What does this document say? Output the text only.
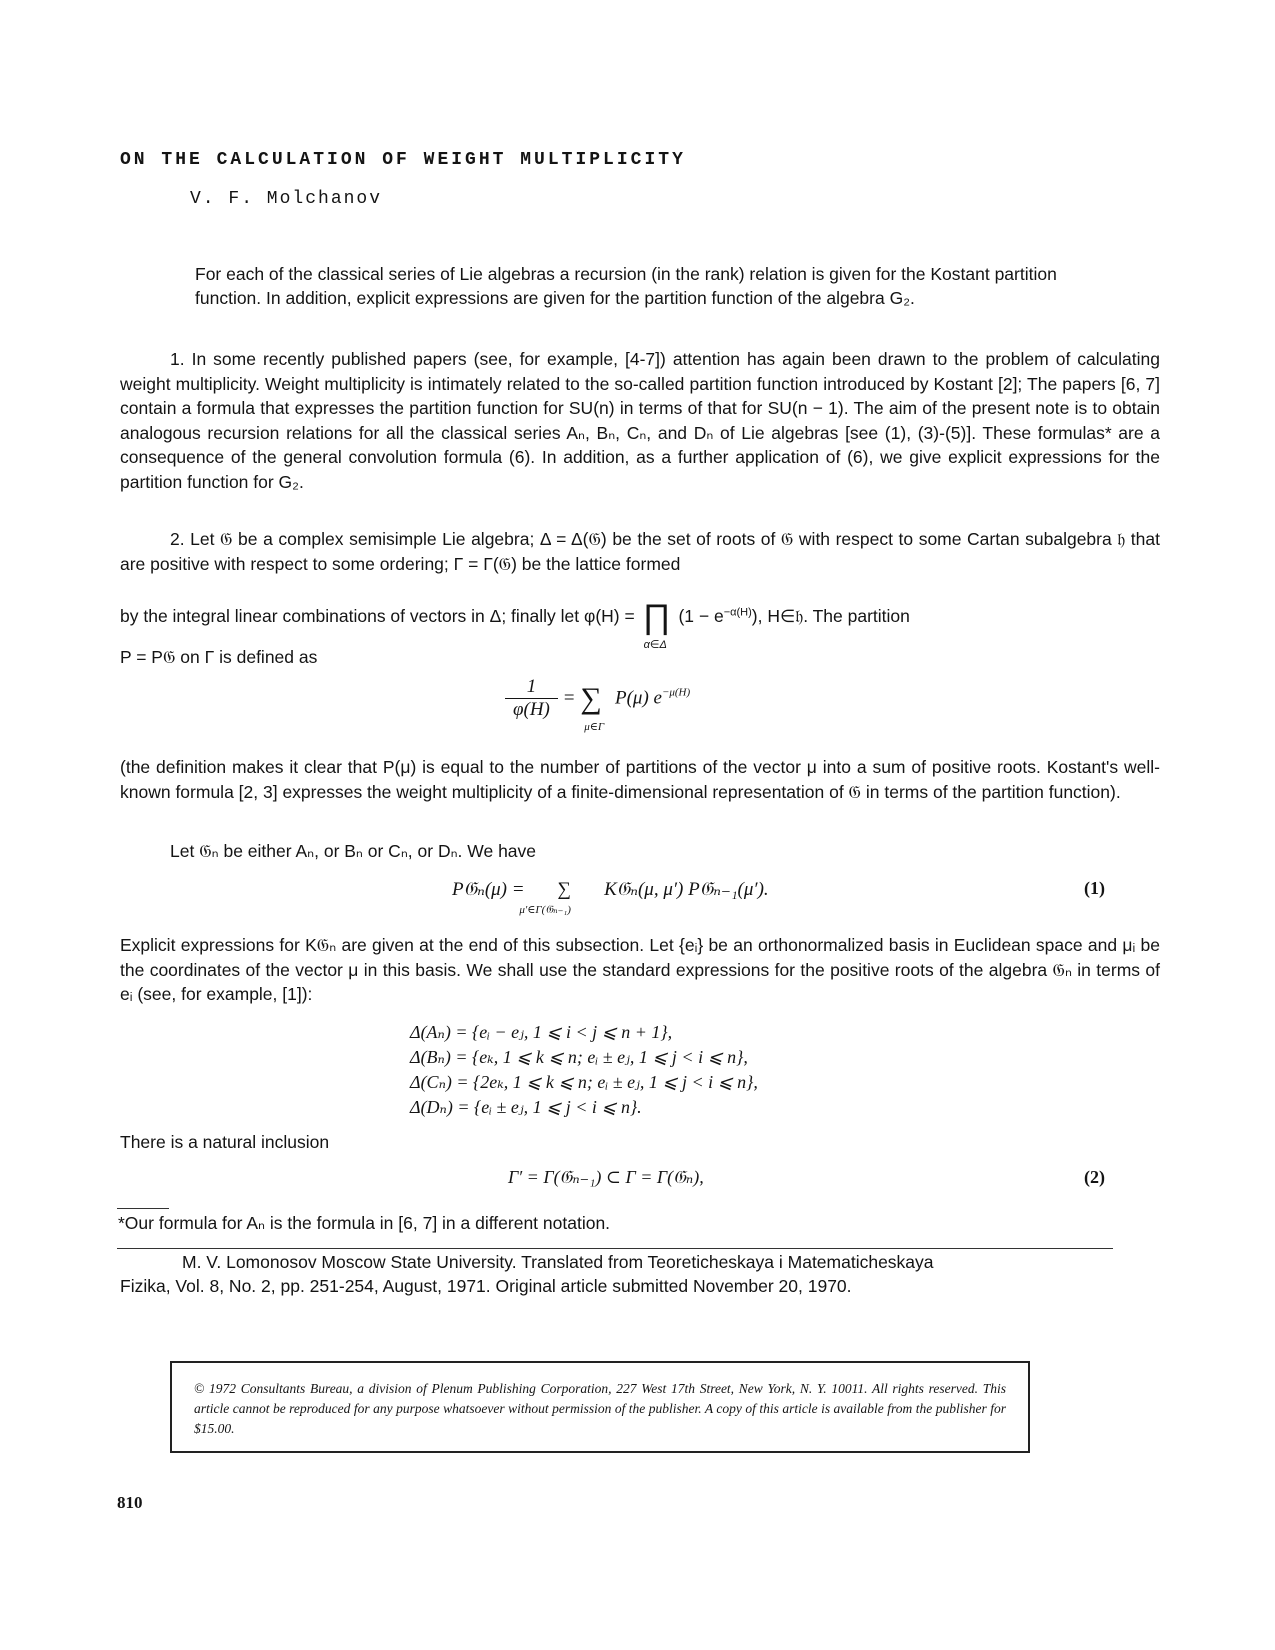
ON THE CALCULATION OF WEIGHT MULTIPLICITY
V. F. Molchanov
For each of the classical series of Lie algebras a recursion (in the rank) relation is given for the Kostant partition function. In addition, explicit expressions are given for the partition function of the algebra G₂.
1. In some recently published papers (see, for example, [4-7]) attention has again been drawn to the problem of calculating weight multiplicity. Weight multiplicity is intimately related to the so-called partition function introduced by Kostant [2]; The papers [6, 7] contain a formula that expresses the partition function for SU(n) in terms of that for SU(n − 1). The aim of the present note is to obtain analogous recursion relations for all the classical series Aₙ, Bₙ, Cₙ, and Dₙ of Lie algebras [see (1), (3)-(5)]. These formulas* are a consequence of the general convolution formula (6). In addition, as a further application of (6), we give explicit expressions for the partition function for G₂.
2. Let 𝔊 be a complex semisimple Lie algebra; Δ = Δ(𝔊) be the set of roots of 𝔊 with respect to some Cartan subalgebra 𝔥 that are positive with respect to some ordering; Γ = Γ(𝔊) be the lattice formed
by the integral linear combinations of vectors in Δ; finally let φ(H) = ∏
α∈Δ
$(1 - e^{-\alpha(H)})$, H∈𝔥. The partition
P = P𝔊 on Γ is defined as
$\frac{1}{\varphi(H)}$ = ∑
μ∈Γ
P(μ) $e^{-\mu(H)}$
(the definition makes it clear that P(μ) is equal to the number of partitions of the vector μ into a sum of positive roots. Kostant's well-known formula [2, 3] expresses the weight multiplicity of a finite-dimensional representation of 𝔊 in terms of the partition function).
Let 𝔊ₙ be either Aₙ, or Bₙ or Cₙ, or Dₙ. We have
P𝔊ₙ(μ) = ∑
μ′∈Γ(𝔊ₙ₋₁)
K𝔊ₙ(μ, μ′) P𝔊ₙ₋₁(μ′).	(1)
Explicit expressions for K𝔊ₙ are given at the end of this subsection. Let {eᵢ} be an orthonormalized basis in Euclidean space and μᵢ be the coordinates of the vector μ in this basis. We shall use the standard expressions for the positive roots of the algebra 𝔊ₙ in terms of eᵢ (see, for example, [1]):
Δ(Aₙ) = {eᵢ − eⱼ, 1 ⩽ i < j ⩽ n + 1},
Δ(Bₙ) = {eₖ, 1 ⩽ k ⩽ n; eᵢ ± eⱼ, 1 ⩽ j < i ⩽ n},
Δ(Cₙ) = {2eₖ, 1 ⩽ k ⩽ n; eᵢ ± eⱼ, 1 ⩽ j < i ⩽ n},
Δ(Dₙ) = {eᵢ ± eⱼ, 1 ⩽ j < i ⩽ n}.
There is a natural inclusion
Γ′ = Γ(𝔊ₙ₋₁) ⊂ Γ = Γ(𝔊ₙ),	(2)
*Our formula for Aₙ is the formula in [6, 7] in a different notation.
M. V. Lomonosov Moscow State University. Translated from Teoreticheskaya i Matematicheskaya
Fizika, Vol. 8, No. 2, pp. 251-254, August, 1971. Original article submitted November 20, 1970.
© 1972 Consultants Bureau, a division of Plenum Publishing Corporation, 227 West 17th Street, New York, N. Y. 10011. All rights reserved. This article cannot be reproduced for any purpose whatsoever without permission of the publisher. A copy of this article is available from the publisher for $15.00.
810
